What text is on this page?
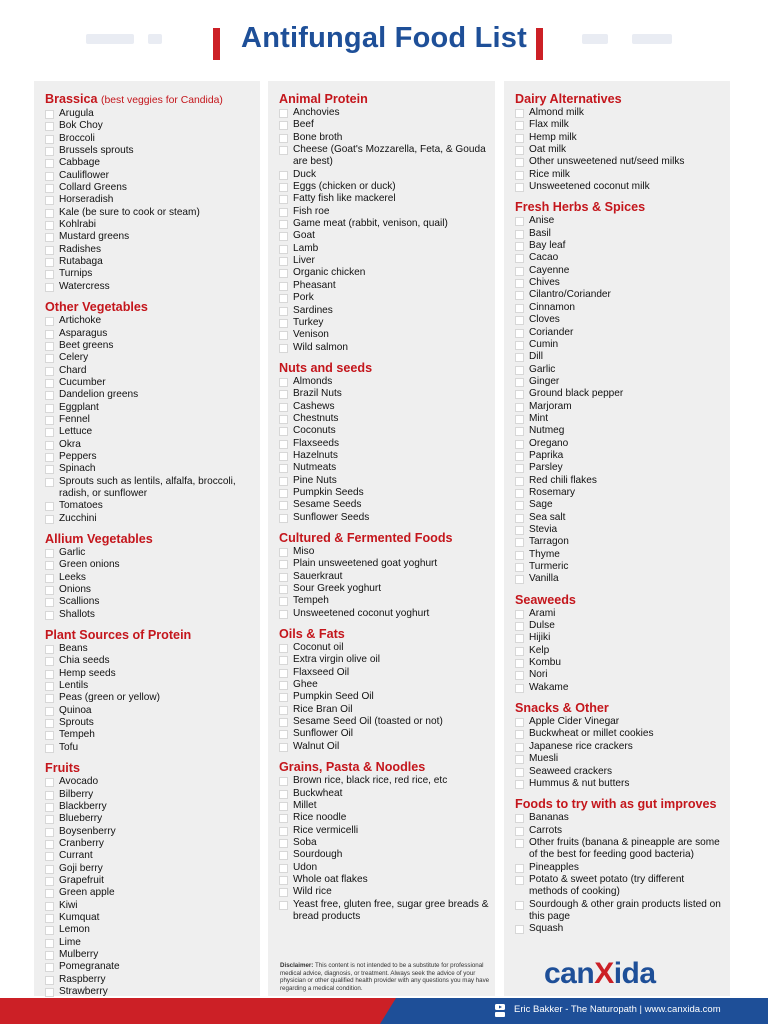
Antifungal Food List
Brassica (best veggies for Candida)
Arugula
Bok Choy
Broccoli
Brussels sprouts
Cabbage
Cauliflower
Collard Greens
Horseradish
Kale (be sure to cook or steam)
Kohlrabi
Mustard greens
Radishes
Rutabaga
Turnips
Watercress
Other Vegetables
Artichoke
Asparagus
Beet greens
Celery
Chard
Cucumber
Dandelion greens
Eggplant
Fennel
Lettuce
Okra
Peppers
Spinach
Sprouts such as lentils, alfalfa, broccoli, radish, or sunflower
Tomatoes
Zucchini
Allium Vegetables
Garlic
Green onions
Leeks
Onions
Scallions
Shallots
Plant Sources of Protein
Beans
Chia seeds
Hemp seeds
Lentils
Peas (green or yellow)
Quinoa
Sprouts
Tempeh
Tofu
Fruits
Avocado
Bilberry
Blackberry
Blueberry
Boysenberry
Cranberry
Currant
Goji berry
Grapefruit
Green apple
Kiwi
Kumquat
Lemon
Lime
Mulberry
Pomegranate
Raspberry
Strawberry
Animal Protein
Anchovies
Beef
Bone broth
Cheese (Goat's Mozzarella, Feta, & Gouda are best)
Duck
Eggs (chicken or duck)
Fatty fish like mackerel
Fish roe
Game meat (rabbit, venison, quail)
Goat
Lamb
Liver
Organic chicken
Pheasant
Pork
Sardines
Turkey
Venison
Wild salmon
Nuts and seeds
Almonds
Brazil Nuts
Cashews
Chestnuts
Coconuts
Flaxseeds
Hazelnuts
Nutmeats
Pine Nuts
Pumpkin Seeds
Sesame Seeds
Sunflower Seeds
Cultured & Fermented Foods
Miso
Plain unsweetened goat yoghurt
Sauerkraut
Sour Greek yoghurt
Tempeh
Unsweetened coconut yoghurt
Oils & Fats
Coconut oil
Extra virgin olive oil
Flaxseed Oil
Ghee
Pumpkin Seed Oil
Rice Bran Oil
Sesame Seed Oil (toasted or not)
Sunflower Oil
Walnut Oil
Grains, Pasta & Noodles
Brown rice, black rice, red rice, etc
Buckwheat
Millet
Rice noodle
Rice vermicelli
Soba
Sourdough
Udon
Whole oat flakes
Wild rice
Yeast free, gluten free, sugar gree breads & bread products
Dairy Alternatives
Almond milk
Flax milk
Hemp milk
Oat milk
Other unsweetened nut/seed milks
Rice milk
Unsweetened coconut milk
Fresh Herbs & Spices
Anise
Basil
Bay leaf
Cacao
Cayenne
Chives
Cilantro/Coriander
Cinnamon
Cloves
Coriander
Cumin
Dill
Garlic
Ginger
Ground black pepper
Marjoram
Mint
Nutmeg
Oregano
Paprika
Parsley
Red chili flakes
Rosemary
Sage
Sea salt
Stevia
Tarragon
Thyme
Turmeric
Vanilla
Seaweeds
Arami
Dulse
Hijiki
Kelp
Kombu
Nori
Wakame
Snacks & Other
Apple Cider Vinegar
Buckwheat or millet cookies
Japanese rice crackers
Muesli
Seaweed crackers
Hummus & nut butters
Foods to try with as gut improves
Bananas
Carrots
Other fruits (banana & pineapple are some of the best for feeding good bacteria)
Pineapples
Potato & sweet potato (try different methods of cooking)
Sourdough & other grain products listed on this page
Squash
Disclaimer: This content is not intended to be a substitute for professional medical advice, diagnosis, or treatment. Always seek the advice of your physician or other qualified health provider with any questions you may have regarding a medical condition.	canXida
Eric Bakker - The Naturopath | www.canxida.com
